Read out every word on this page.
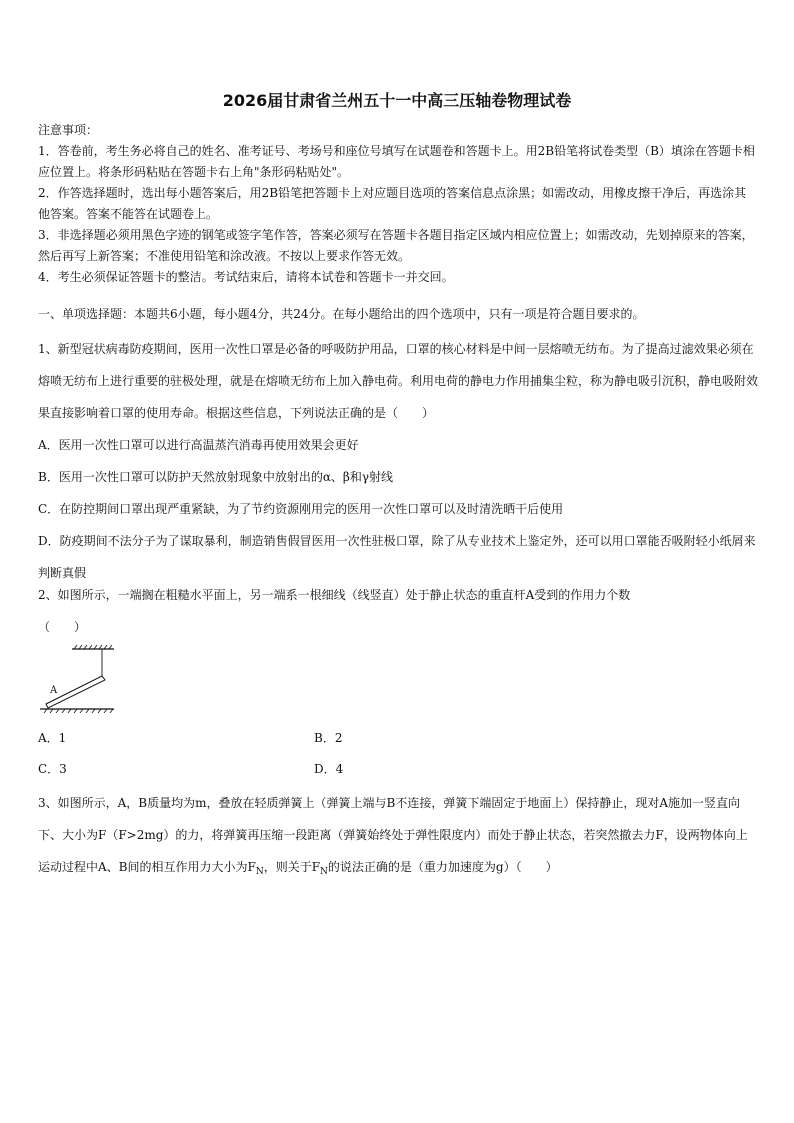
2026届甘肃省兰州五十一中高三压轴卷物理试卷

注意事项：

1．答卷前，考生务必将自己的姓名、准考证号、考场号和座位号填写在试题卷和答题卡上。用2B铅笔将试卷类型（B）填涂在答题卡相应位置上。将条形码粘贴在答题卡右上角"条形码粘贴处"。

2．作答选择题时，选出每小题答案后，用2B铅笔把答题卡上对应题目选项的答案信息点涂黑；如需改动，用橡皮擦干净后，再选涂其他答案。答案不能答在试题卷上。

3．非选择题必须用黑色字迹的钢笔或签字笔作答，答案必须写在答题卡各题目指定区域内相应位置上；如需改动，先划掉原来的答案，然后再写上新答案；不准使用铅笔和涂改液。不按以上要求作答无效。

4．考生必须保证答题卡的整洁。考试结束后，请将本试卷和答题卡一并交回。

一、单项选择题：本题共6小题，每小题4分，共24分。在每小题给出的四个选项中，只有一项是符合题目要求的。

1、新型冠状病毒防疫期间，医用一次性口罩是必备的呼吸防护用品，口罩的核心材料是中间一层熔喷无纺布。为了提高过滤效果必须在熔喷无纺布上进行重要的驻极处理，就是在熔喷无纺布上加入静电荷。利用电荷的静电力作用捕集尘粒，称为静电吸引沉积，静电吸附效果直接影响着口罩的使用寿命。根据这些信息，下列说法正确的是（　　）

A．医用一次性口罩可以进行高温蒸汽消毒再使用效果会更好

B．医用一次性口罩可以防护天然放射现象中放射出的α、β和γ射线

C．在防控期间口罩出现严重紧缺，为了节约资源刚用完的医用一次性口罩可以及时清洗晒干后使用

D．防疫期间不法分子为了谋取暴利，制造销售假冒医用一次性驻极口罩，除了从专业技术上鉴定外，还可以用口罩能否吸附轻小纸屑来判断真假

2、如图所示，一端搁在粗糙水平面上，另一端系一根细线（线竖直）处于静止状态的重直杆A受到的作用力个数

（　　）

A
A．1	B．2
C．3	D．4

3、如图所示，A，B质量均为m，叠放在轻质弹簧上（弹簧上端与B不连接，弹簧下端固定于地面上）保持静止，现对A施加一竖直向下、大小为F（F>2mg）的力，将弹簧再压缩一段距离（弹簧始终处于弹性限度内）而处于静止状态，若突然撤去力F，设两物体向上运动过程中A、B间的相互作用力大小为$F_N$，则关于$F_N$的说法正确的是（重力加速度为g）（　　）
